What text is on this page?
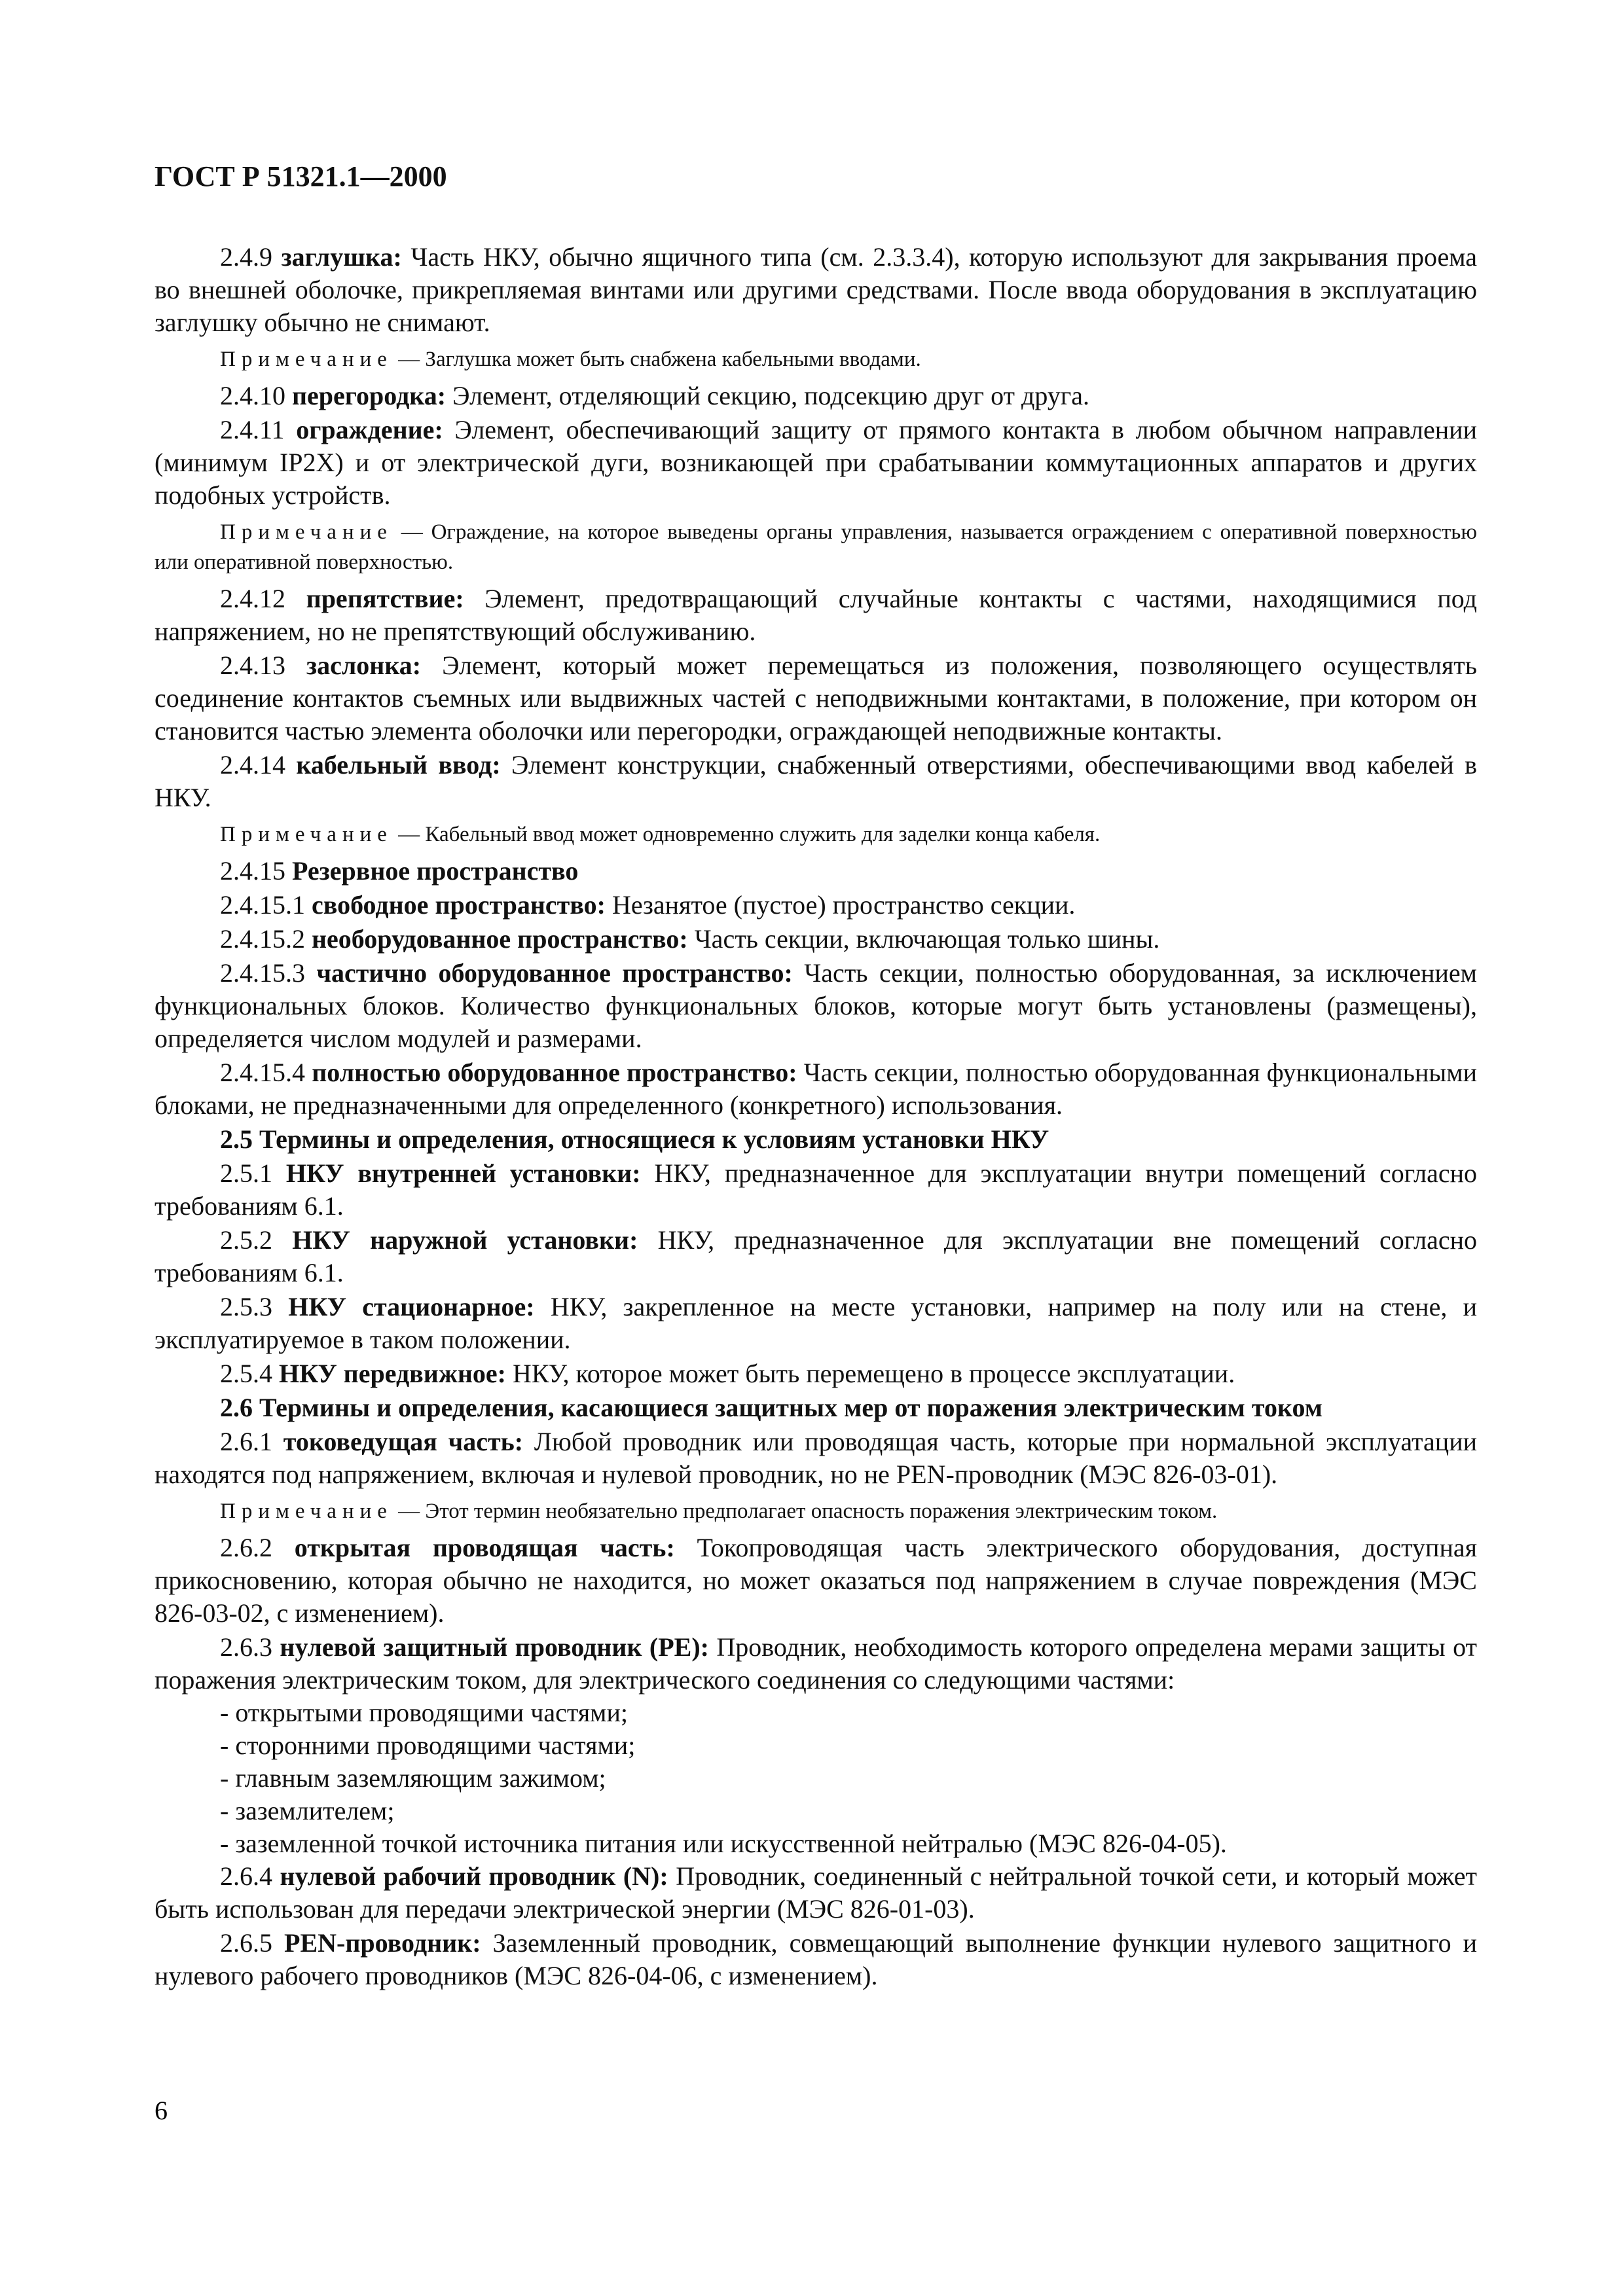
ГОСТ Р 51321.1—2000

2.4.9 заглушка: Часть НКУ, обычно ящичного типа (см. 2.3.3.4), которую используют для закрывания проема во внешней оболочке, прикрепляемая винтами или другими средствами. После ввода оборудования в эксплуатацию заглушку обычно не снимают.

Примечание — Заглушка может быть снабжена кабельными вводами.

2.4.10 перегородка: Элемент, отделяющий секцию, подсекцию друг от друга.

2.4.11 ограждение: Элемент, обеспечивающий защиту от прямого контакта в любом обычном направлении (минимум IP2X) и от электрической дуги, возникающей при срабатывании коммутационных аппаратов и других подобных устройств.

Примечание — Ограждение, на которое выведены органы управления, называется ограждением с оперативной поверхностью или оперативной поверхностью.

2.4.12 препятствие: Элемент, предотвращающий случайные контакты с частями, находящимися под напряжением, но не препятствующий обслуживанию.

2.4.13 заслонка: Элемент, который может перемещаться из положения, позволяющего осуществлять соединение контактов съемных или выдвижных частей с неподвижными контактами, в положение, при котором он становится частью элемента оболочки или перегородки, ограждающей неподвижные контакты.

2.4.14 кабельный ввод: Элемент конструкции, снабженный отверстиями, обеспечивающими ввод кабелей в НКУ.

Примечание — Кабельный ввод может одновременно служить для заделки конца кабеля.

2.4.15 Резервное пространство

2.4.15.1 свободное пространство: Незанятое (пустое) пространство секции.

2.4.15.2 необорудованное пространство: Часть секции, включающая только шины.

2.4.15.3 частично оборудованное пространство: Часть секции, полностью оборудованная, за исключением функциональных блоков. Количество функциональных блоков, которые могут быть установлены (размещены), определяется числом модулей и размерами.

2.4.15.4 полностью оборудованное пространство: Часть секции, полностью оборудованная функциональными блоками, не предназначенными для определенного (конкретного) использования.

2.5 Термины и определения, относящиеся к условиям установки НКУ

2.5.1 НКУ внутренней установки: НКУ, предназначенное для эксплуатации внутри помещений согласно требованиям 6.1.

2.5.2 НКУ наружной установки: НКУ, предназначенное для эксплуатации вне помещений согласно требованиям 6.1.

2.5.3 НКУ стационарное: НКУ, закрепленное на месте установки, например на полу или на стене, и эксплуатируемое в таком положении.

2.5.4 НКУ передвижное: НКУ, которое может быть перемещено в процессе эксплуатации.

2.6 Термины и определения, касающиеся защитных мер от поражения электрическим током

2.6.1 токоведущая часть: Любой проводник или проводящая часть, которые при нормальной эксплуатации находятся под напряжением, включая и нулевой проводник, но не PEN-проводник (МЭС 826-03-01).

Примечание — Этот термин необязательно предполагает опасность поражения электрическим током.

2.6.2 открытая проводящая часть: Токопроводящая часть электрического оборудования, доступная прикосновению, которая обычно не находится, но может оказаться под напряжением в случае повреждения (МЭС 826-03-02, с изменением).

2.6.3 нулевой защитный проводник (PE): Проводник, необходимость которого определена мерами защиты от поражения электрическим током, для электрического соединения со следующими частями:

- открытыми проводящими частями;

- сторонними проводящими частями;

- главным заземляющим зажимом;

- заземлителем;

- заземленной точкой источника питания или искусственной нейтралью (МЭС 826-04-05).

2.6.4 нулевой рабочий проводник (N): Проводник, соединенный с нейтральной точкой сети, и который может быть использован для передачи электрической энергии (МЭС 826-01-03).

2.6.5 PEN-проводник: Заземленный проводник, совмещающий выполнение функции нулевого защитного и нулевого рабочего проводников (МЭС 826-04-06, с изменением).

6
